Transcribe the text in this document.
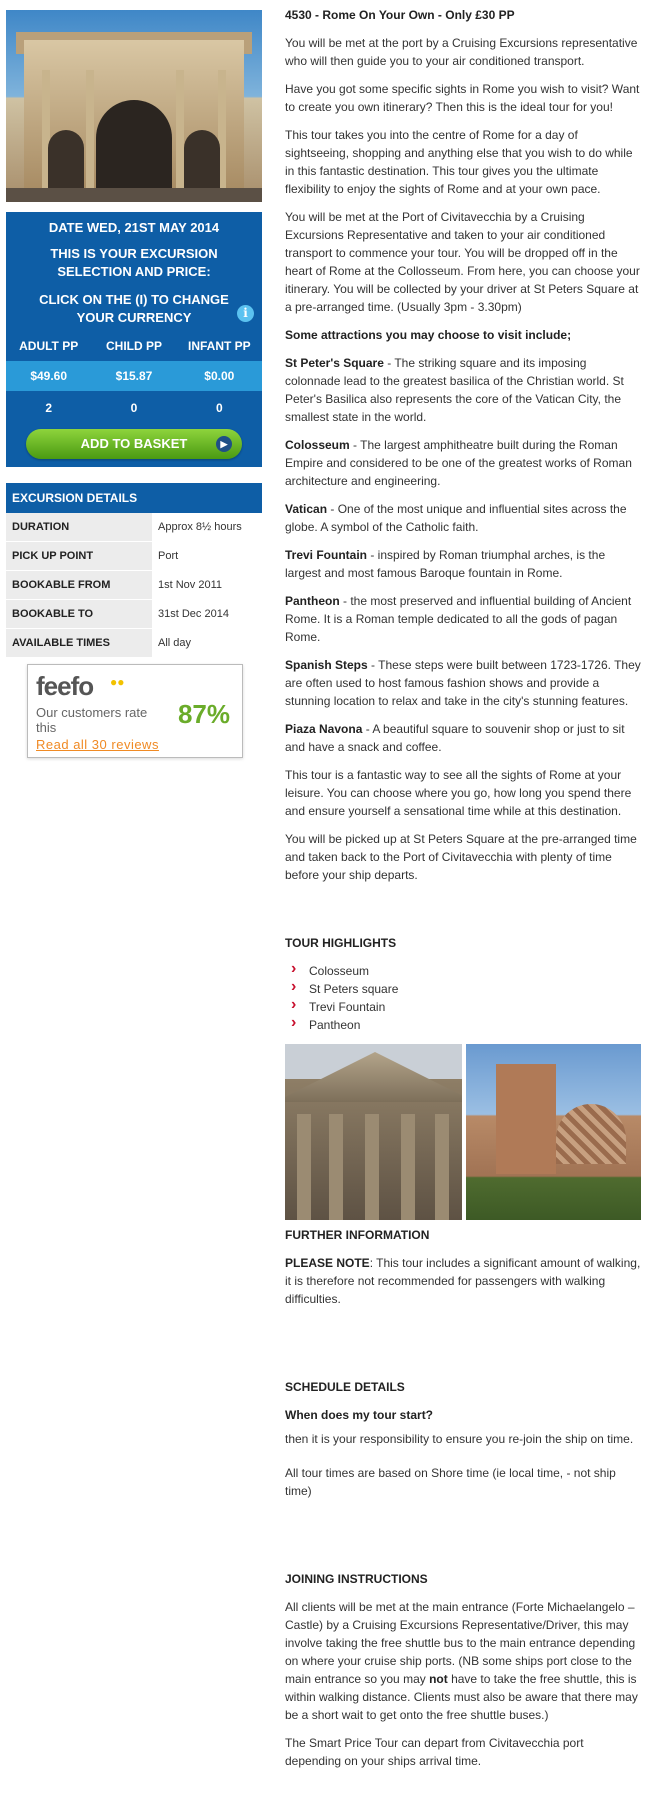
DATE WED, 21ST MAY 2014
THIS IS YOUR EXCURSION SELECTION AND PRICE:
CLICK ON THE (I) TO CHANGE YOUR CURRENCY	i
ADULT PP	CHILD PP	INFANT PP
$49.60	$15.87	$0.00
2	0	0
ADD TO BASKET	▶
EXCURSION DETAILS
DURATION	Approx 8½ hours
PICK UP POINT	Port
BOOKABLE FROM	1st Nov 2011
BOOKABLE TO	31st Dec 2014
AVAILABLE TIMES	All day
feefo ●●
Our customers rate this	87%
Read all 30 reviews
4530 - Rome On Your Own - Only £30 PP

You will be met at the port by a Cruising Excursions representative who will then guide you to your air conditioned transport.

Have you got some specific sights in Rome you wish to visit? Want to create you own itinerary? Then this is the ideal tour for you!

This tour takes you into the centre of Rome for a day of sightseeing, shopping and anything else that you wish to do while in this fantastic destination. This tour gives you the ultimate flexibility to enjoy the sights of Rome and at your own pace.

You will be met at the Port of Civitavecchia by a Cruising Excursions Representative and taken to your air conditioned transport to commence your tour. You will be dropped off in the heart of Rome at the Collosseum. From here, you can choose your itinerary. You will be collected by your driver at St Peters Square at a pre-arranged time. (Usually 3pm - 3.30pm)

Some attractions you may choose to visit include;

St Peter's Square - The striking square and its imposing colonnade lead to the greatest basilica of the Christian world. St Peter's Basilica also represents the core of the Vatican City, the smallest state in the world.

Colosseum - The largest amphitheatre built during the Roman Empire and considered to be one of the greatest works of Roman architecture and engineering.

Vatican - One of the most unique and influential sites across the globe. A symbol of the Catholic faith.

Trevi Fountain - inspired by Roman triumphal arches, is the largest and most famous Baroque fountain in Rome.

Pantheon - the most preserved and influential building of Ancient Rome. It is a Roman temple dedicated to all the gods of pagan Rome.

Spanish Steps - These steps were built between 1723-1726. They are often used to host famous fashion shows and provide a stunning location to relax and take in the city's stunning features.

Piaza Navona - A beautiful square to souvenir shop or just to sit and have a snack and coffee.

This tour is a fantastic way to see all the sights of Rome at your leisure. You can choose where you go, how long you spend there and ensure yourself a sensational time while at this destination.

You will be picked up at St Peters Square at the pre-arranged time and taken back to the Port of Civitavecchia with plenty of time before your ship departs.

TOUR HIGHLIGHTS
› Colosseum
› St Peters square
› Trevi Fountain
› Pantheon
FURTHER INFORMATION

PLEASE NOTE: This tour includes a significant amount of walking, it is therefore not recommended for passengers with walking difficulties.

SCHEDULE DETAILS

When does my tour start?

then it is your responsibility to ensure you re-join the ship on time.

All tour times are based on Shore time (ie local time, - not ship time)

JOINING INSTRUCTIONS

All clients will be met at the main entrance (Forte Michaelangelo – Castle) by a Cruising Excursions Representative/Driver, this may involve taking the free shuttle bus to the main entrance depending on where your cruise ship ports. (NB some ships port close to the main entrance so you may not have to take the free shuttle, this is within walking distance. Clients must also be aware that there may be a short wait to get onto the free shuttle buses.)

The Smart Price Tour can depart from Civitavecchia port depending on your ships arrival time.
